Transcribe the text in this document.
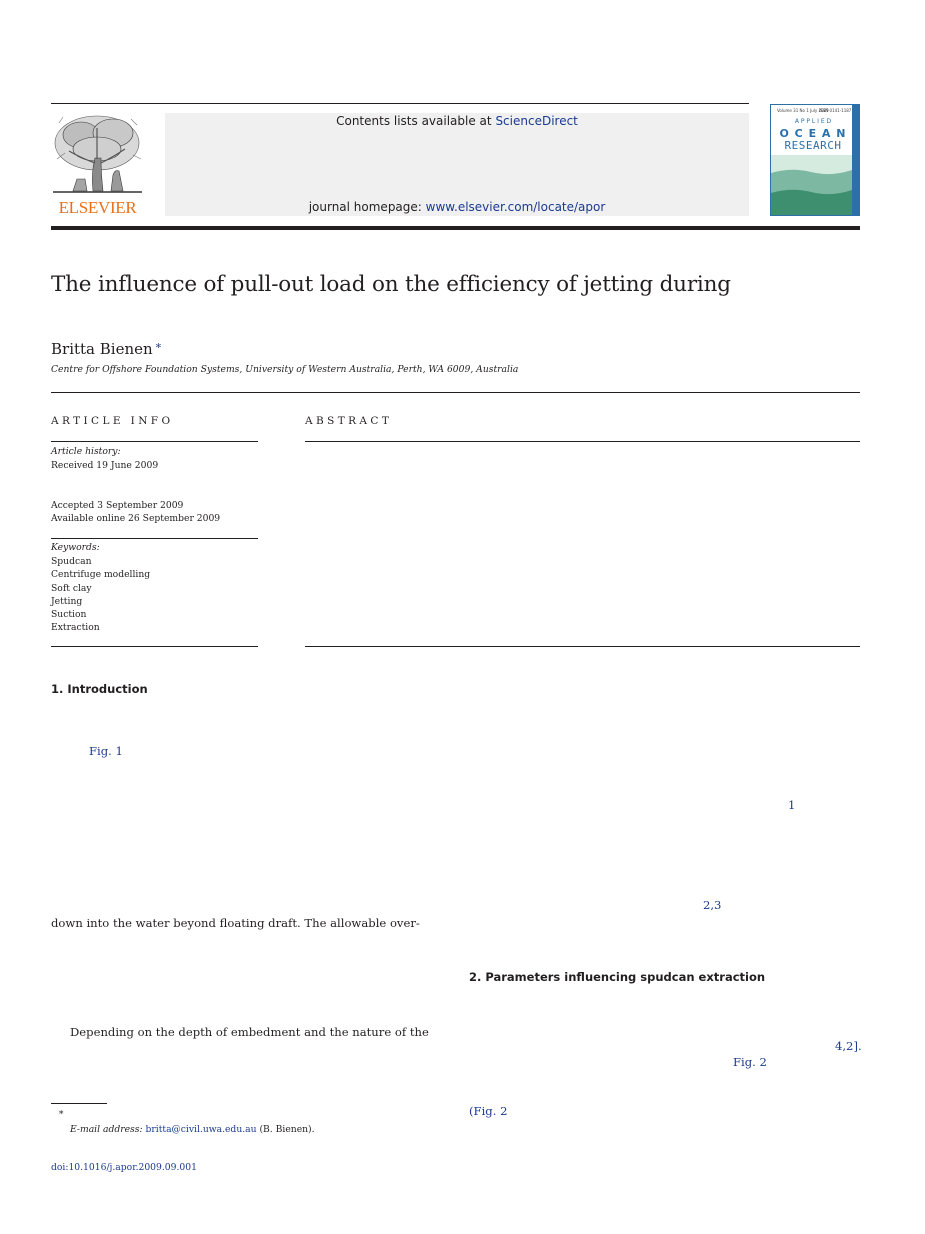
Contents lists available at ScienceDirect
journal homepage: www.elsevier.com/locate/apor
ELSEVIER
Volume 31 No 1 July 2009
ISSN 0141-1187
A P P L I E D
O C E A N
RESEARCH
The influence of pull-out load on the efficiency of jetting during
Britta Bienen ∗
Centre for Offshore Foundation Systems, University of Western Australia, Perth, WA 6009, Australia
ARTICLE INFO
Article history:
Received 19 June 2009
Accepted 3 September 2009
Available online 26 September 2009
Keywords:
Spudcan
Centrifuge modelling
Soft clay
Jetting
Suction
Extraction
ABSTRACT
1. Introduction
Fig. 1
1
2,3
down into the water beyond floating draft. The allowable over-
2. Parameters influencing spudcan extraction
Depending on the depth of embedment and the nature of the
4,2].
Fig. 2
(Fig. 2
∗
E-mail address: britta@civil.uwa.edu.au (B. Bienen).
doi:10.1016/j.apor.2009.09.001
